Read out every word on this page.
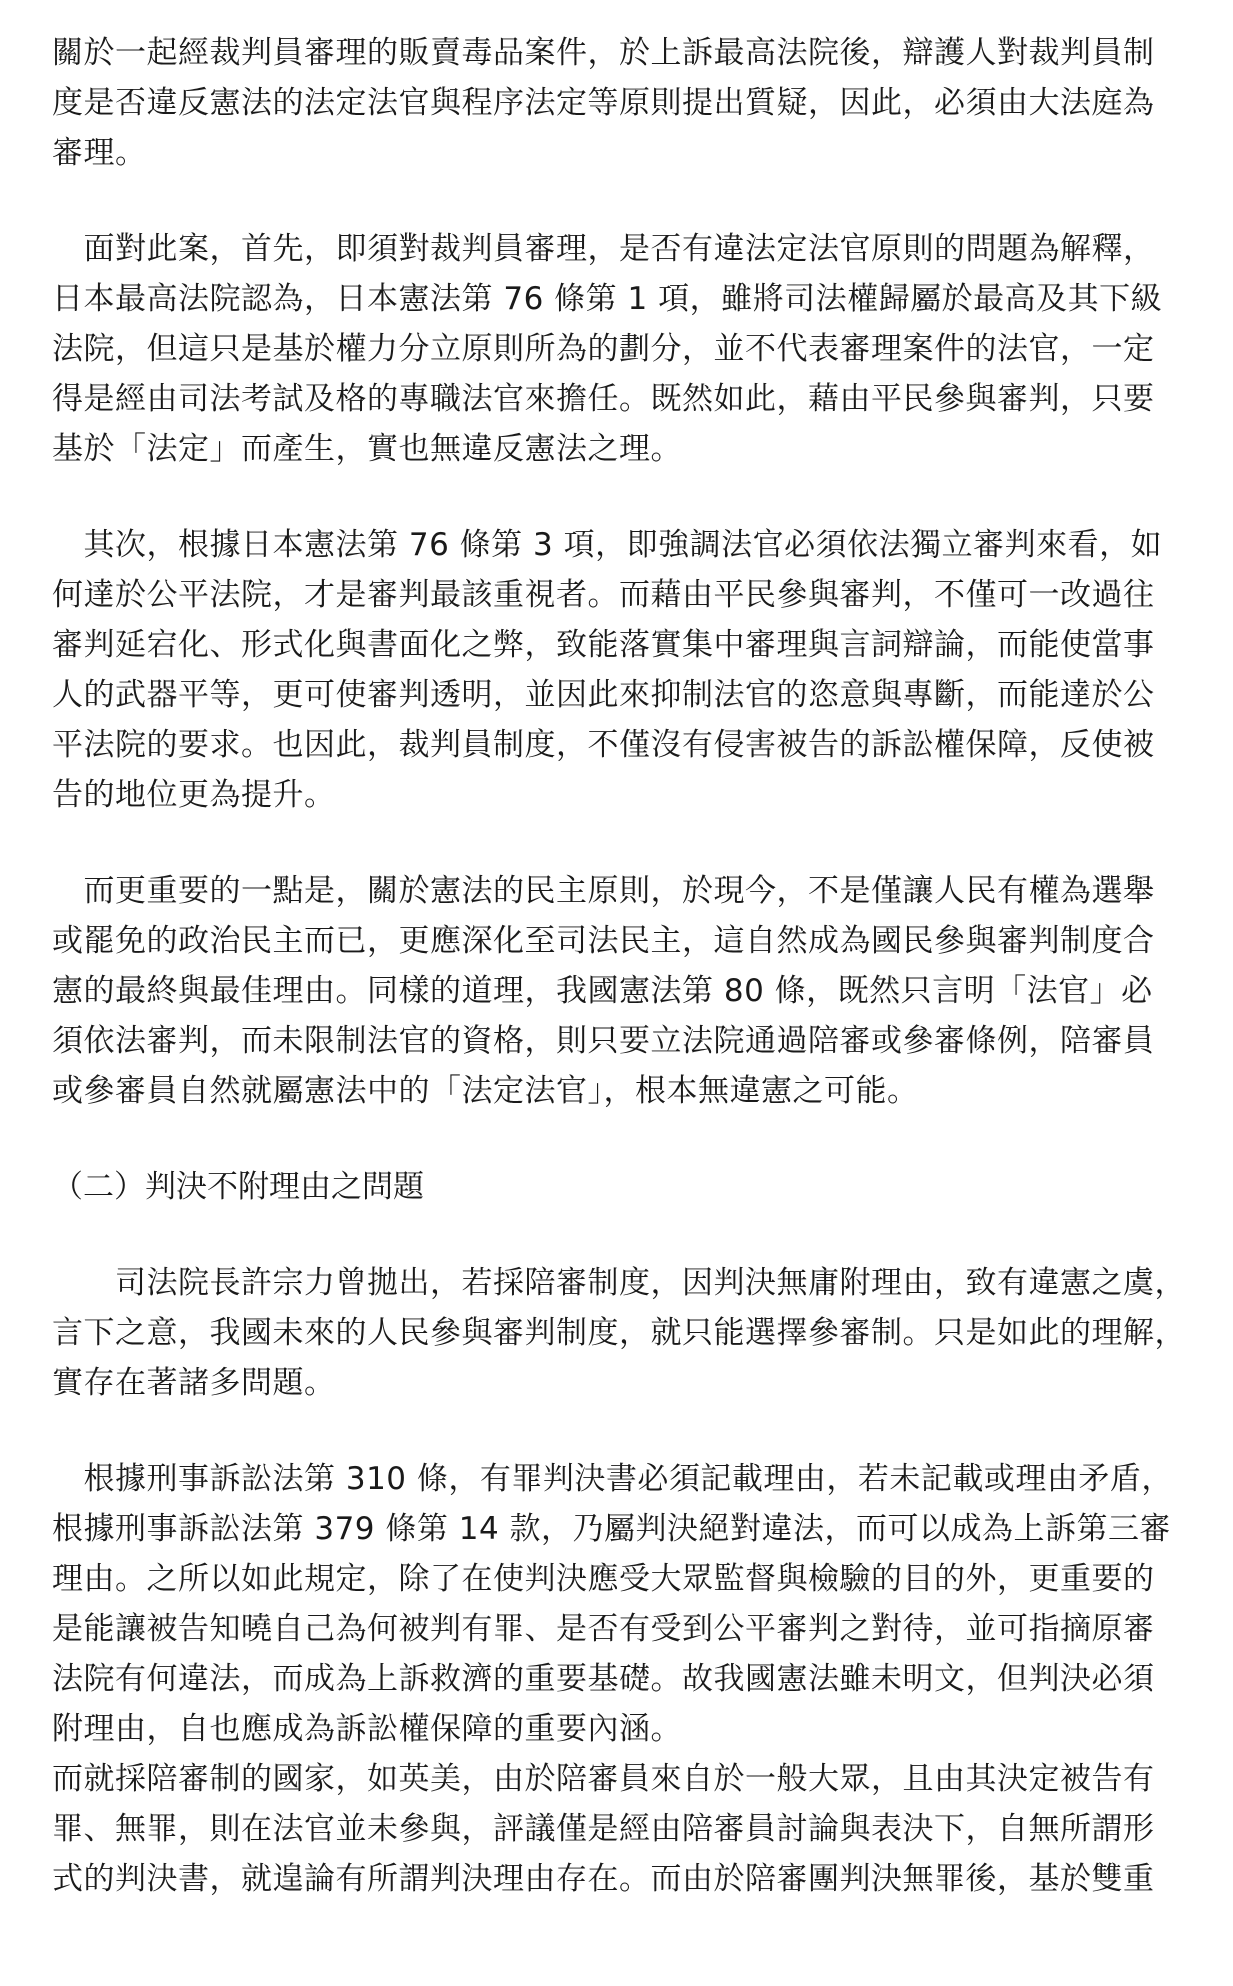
關於一起經裁判員審理的販賣毒品案件，於上訴最高法院後，辯護人對裁判員制
度是否違反憲法的法定法官與程序法定等原則提出質疑，因此，必須由大法庭為
審理。
　面對此案，首先，即須對裁判員審理，是否有違法定法官原則的問題為解釋，
日本最高法院認為，日本憲法第 76 條第 1 項，雖將司法權歸屬於最高及其下級
法院，但這只是基於權力分立原則所為的劃分，並不代表審理案件的法官，一定
得是經由司法考試及格的專職法官來擔任。既然如此，藉由平民參與審判，只要
基於「法定」而產生，實也無違反憲法之理。
　其次，根據日本憲法第 76 條第 3 項，即強調法官必須依法獨立審判來看，如
何達於公平法院，才是審判最該重視者。而藉由平民參與審判，不僅可一改過往
審判延宕化、形式化與書面化之弊，致能落實集中審理與言詞辯論，而能使當事
人的武器平等，更可使審判透明，並因此來抑制法官的恣意與專斷，而能達於公
平法院的要求。也因此，裁判員制度，不僅沒有侵害被告的訴訟權保障，反使被
告的地位更為提升。
　而更重要的一點是，關於憲法的民主原則，於現今，不是僅讓人民有權為選舉
或罷免的政治民主而已，更應深化至司法民主，這自然成為國民參與審判制度合
憲的最終與最佳理由。同樣的道理，我國憲法第 80 條，既然只言明「法官」必
須依法審判，而未限制法官的資格，則只要立法院通過陪審或參審條例，陪審員
或參審員自然就屬憲法中的「法定法官」，根本無違憲之可能。
（二）判決不附理由之問題
　　司法院長許宗力曾拋出，若採陪審制度，因判決無庸附理由，致有違憲之虞，
言下之意，我國未來的人民參與審判制度，就只能選擇參審制。只是如此的理解，
實存在著諸多問題。
　根據刑事訴訟法第 310 條，有罪判決書必須記載理由，若未記載或理由矛盾，
根據刑事訴訟法第 379 條第 14 款，乃屬判決絕對違法，而可以成為上訴第三審
理由。之所以如此規定，除了在使判決應受大眾監督與檢驗的目的外，更重要的
是能讓被告知曉自己為何被判有罪、是否有受到公平審判之對待，並可指摘原審
法院有何違法，而成為上訴救濟的重要基礎。故我國憲法雖未明文，但判決必須
附理由，自也應成為訴訟權保障的重要內涵。
而就採陪審制的國家，如英美，由於陪審員來自於一般大眾，且由其決定被告有
罪、無罪，則在法官並未參與，評議僅是經由陪審員討論與表決下，自無所謂形
式的判決書，就遑論有所謂判決理由存在。而由於陪審團判決無罪後，基於雙重
